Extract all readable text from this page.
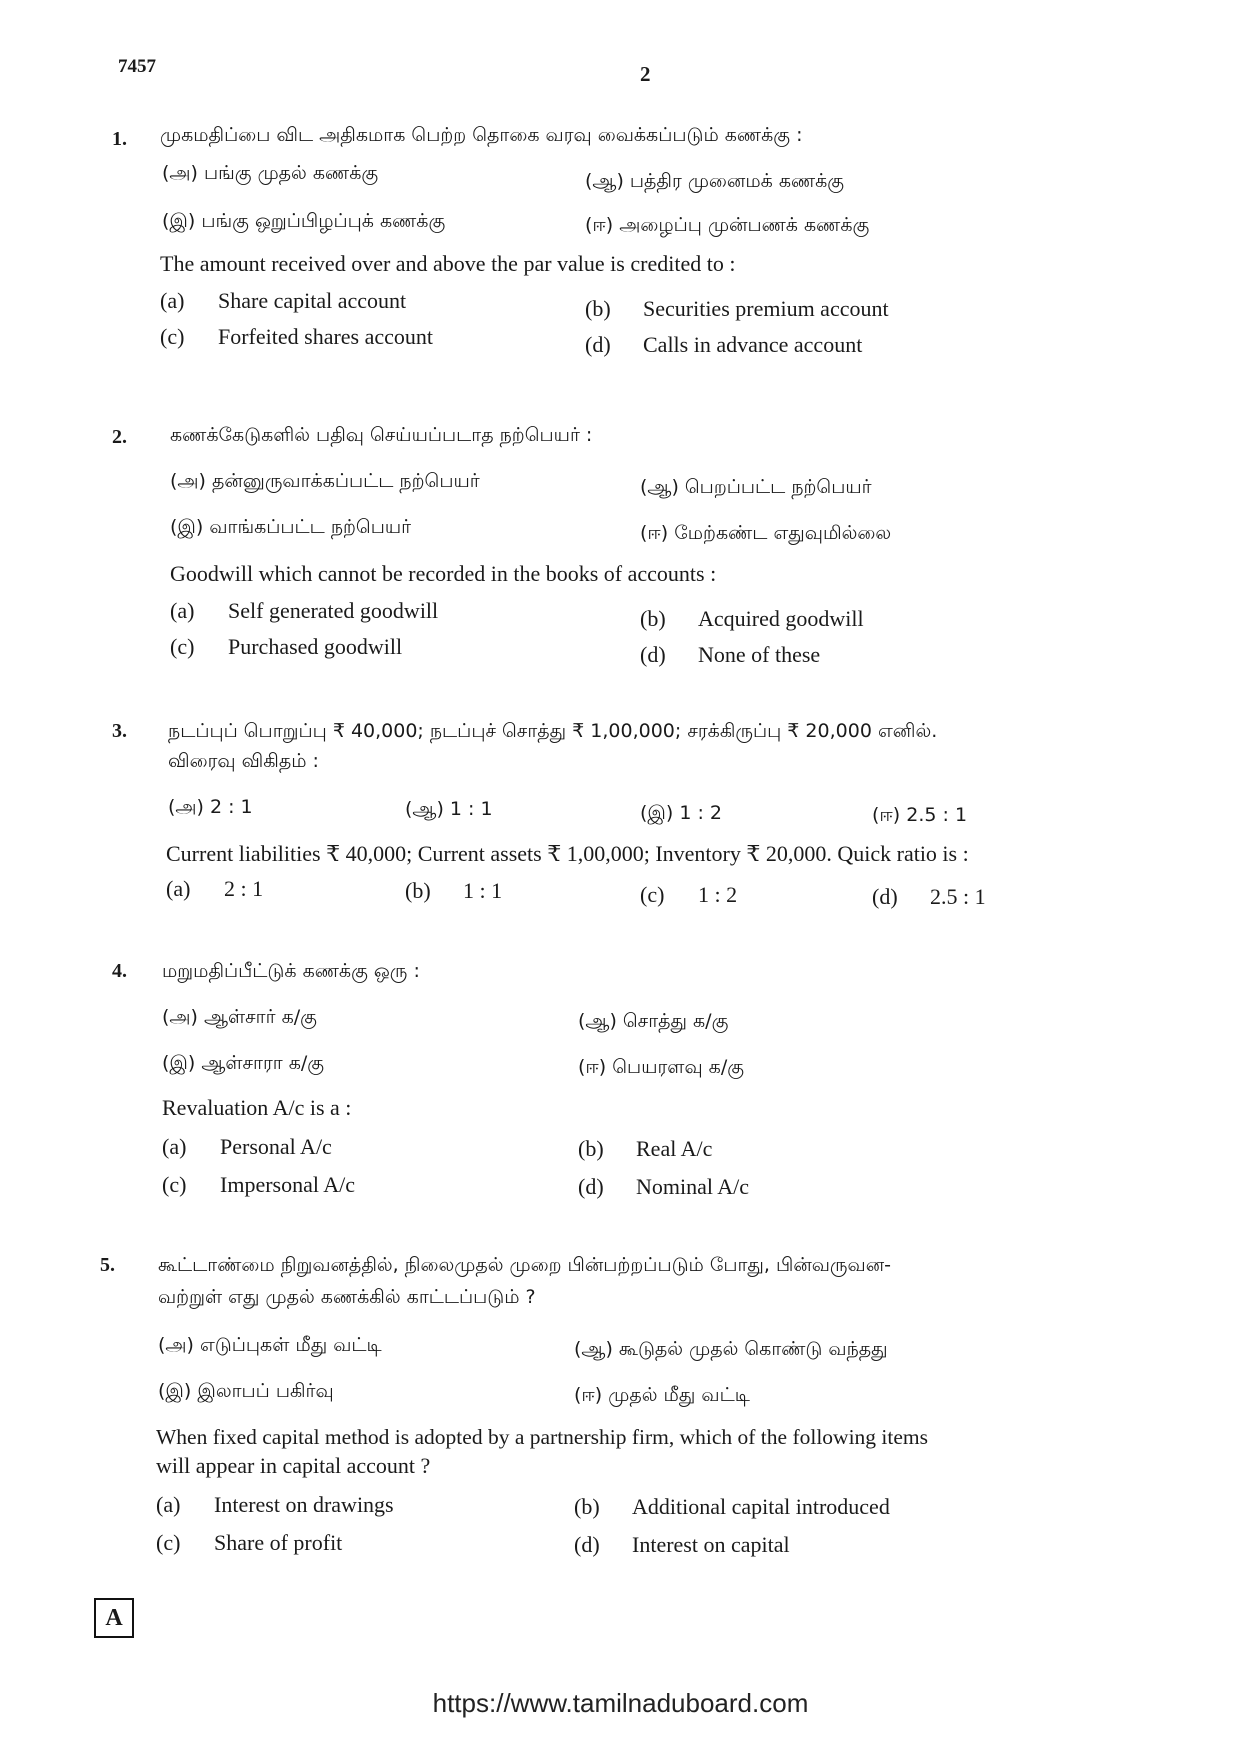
7457	2
1. முகமதிப்பை விட அதிகமாக பெற்ற தொகை வரவு வைக்கப்படும் கணக்கு :
(அ) பங்கு முதல் கணக்கு	(ஆ) பத்திர முனைமக் கணக்கு
(இ) பங்கு ஒறுப்பிழப்புக் கணக்கு	(ஈ) அழைப்பு முன்பணக் கணக்கு
The amount received over and above the par value is credited to :
(a) Share capital account	(b) Securities premium account
(c) Forfeited shares account	(d) Calls in advance account
2. கணக்கேடுகளில் பதிவு செய்யப்படாத நற்பெயர் :
(அ) தன்னுருவாக்கப்பட்ட நற்பெயர்	(ஆ) பெறப்பட்ட நற்பெயர்
(இ) வாங்கப்பட்ட நற்பெயர்	(ஈ) மேற்கண்ட எதுவுமில்லை
Goodwill which cannot be recorded in the books of accounts :
(a) Self generated goodwill	(b) Acquired goodwill
(c) Purchased goodwill	(d) None of these
3. நடப்புப் பொறுப்பு ₹ 40,000; நடப்புச் சொத்து ₹ 1,00,000; சரக்கிருப்பு ₹ 20,000 எனில்.
விரைவு விகிதம் :
(அ) 2 : 1	(ஆ) 1 : 1	(இ) 1 : 2	(ஈ) 2.5 : 1
Current liabilities ₹ 40,000; Current assets ₹ 1,00,000; Inventory ₹ 20,000. Quick ratio is :
(a) 2 : 1	(b) 1 : 1	(c) 1 : 2	(d) 2.5 : 1
4. மறுமதிப்பீட்டுக் கணக்கு ஒரு :
(அ) ஆள்சார் க/கு	(ஆ) சொத்து க/கு
(இ) ஆள்சாரா க/கு	(ஈ) பெயரளவு க/கு
Revaluation A/c is a :
(a) Personal A/c	(b) Real A/c
(c) Impersonal A/c	(d) Nominal A/c
5. கூட்டாண்மை நிறுவனத்தில், நிலைமுதல் முறை பின்பற்றப்படும் போது, பின்வருவன-
வற்றுள் எது முதல் கணக்கில் காட்டப்படும் ?
(அ) எடுப்புகள் மீது வட்டி	(ஆ) கூடுதல் முதல் கொண்டு வந்தது
(இ) இலாபப் பகிர்வு	(ஈ) முதல் மீது வட்டி
When fixed capital method is adopted by a partnership firm, which of the following items
will appear in capital account ?
(a) Interest on drawings	(b) Additional capital introduced
(c) Share of profit	(d) Interest on capital
A
https://www.tamilnaduboard.com
